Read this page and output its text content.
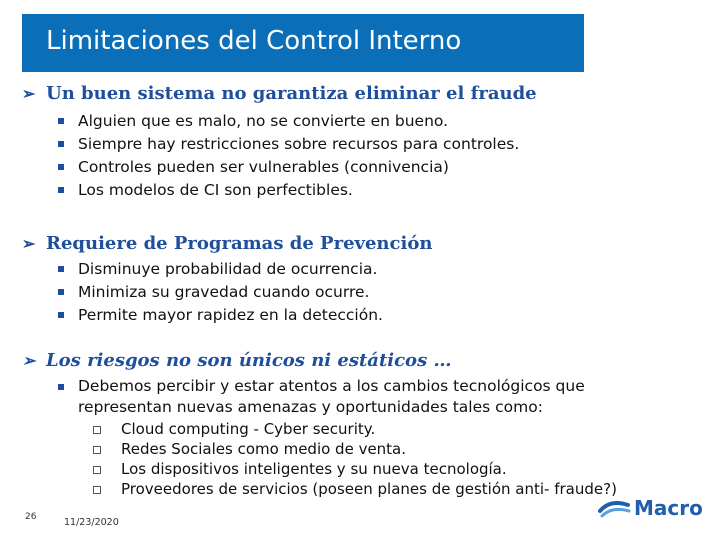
Limitaciones del Control Interno
➢ Un buen sistema no garantiza eliminar el fraude
Alguien que es malo, no se convierte en bueno.
Siempre hay restricciones sobre recursos para controles.
Controles pueden ser vulnerables (connivencia)
Los modelos de CI son perfectibles.
➢ Requiere de Programas de Prevención
Disminuye probabilidad de ocurrencia.
Minimiza su gravedad cuando ocurre.
Permite mayor rapidez en la detección.
➢ Los riesgos no son únicos ni estáticos …
Debemos percibir y estar atentos a los cambios tecnológicos que representan nuevas amenazas y oportunidades tales como:
Cloud computing - Cyber security.
Redes Sociales como medio de venta.
Los dispositivos inteligentes y su nueva tecnología.
Proveedores de servicios (poseen planes de gestión anti- fraude?)
26	11/23/2020
Macro
